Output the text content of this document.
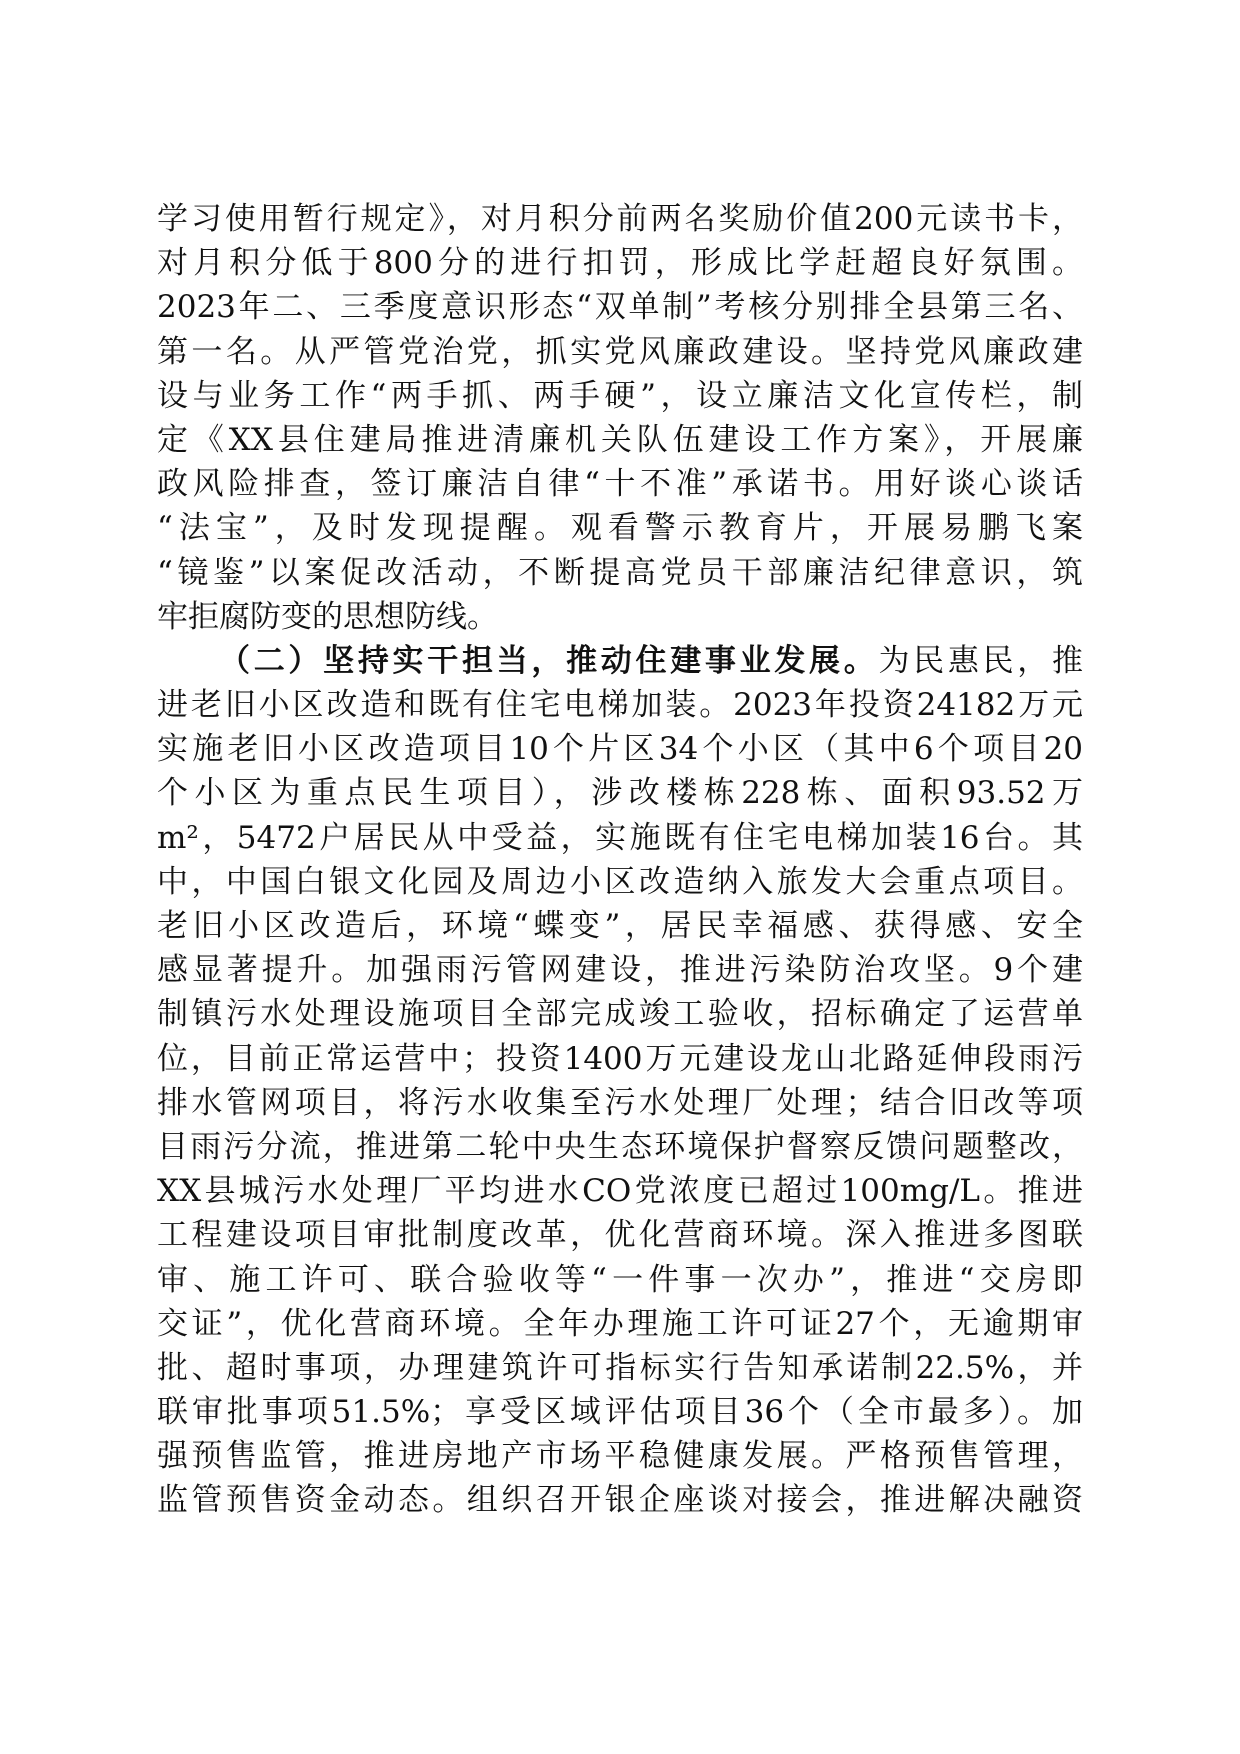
学习使用暂行规定》，对月积分前两名奖励价值200元读书卡，
对月积分低于800分的进行扣罚，形成比学赶超良好氛围。
2023年二、三季度意识形态“双单制”考核分别排全县第三名、
第一名。从严管党治党，抓实党风廉政建设。坚持党风廉政建
设与业务工作“两手抓、两手硬”，设立廉洁文化宣传栏，制
定《XX县住建局推进清廉机关队伍建设工作方案》，开展廉
政风险排查，签订廉洁自律“十不准”承诺书。用好谈心谈话
“法宝”，及时发现提醒。观看警示教育片，开展易鹏飞案
“镜鉴”以案促改活动，不断提高党员干部廉洁纪律意识，筑
牢拒腐防变的思想防线。
（二）坚持实干担当，推动住建事业发展。为民惠民，推
进老旧小区改造和既有住宅电梯加装。2023年投资24182万元
实施老旧小区改造项目10个片区34个小区（其中6个项目20
个小区为重点民生项目），涉改楼栋228栋、面积93.52万
m²，5472户居民从中受益，实施既有住宅电梯加装16台。其
中，中国白银文化园及周边小区改造纳入旅发大会重点项目。
老旧小区改造后，环境“蝶变”，居民幸福感、获得感、安全
感显著提升。加强雨污管网建设，推进污染防治攻坚。9个建
制镇污水处理设施项目全部完成竣工验收，招标确定了运营单
位，目前正常运营中；投资1400万元建设龙山北路延伸段雨污
排水管网项目，将污水收集至污水处理厂处理；结合旧改等项
目雨污分流，推进第二轮中央生态环境保护督察反馈问题整改，
XX县城污水处理厂平均进水CO党浓度已超过100mg/L。推进
工程建设项目审批制度改革，优化营商环境。深入推进多图联
审、施工许可、联合验收等“一件事一次办”，推进“交房即
交证”，优化营商环境。全年办理施工许可证27个，无逾期审
批、超时事项，办理建筑许可指标实行告知承诺制22.5%，并
联审批事项51.5%；享受区域评估项目36个（全市最多）。加
强预售监管，推进房地产市场平稳健康发展。严格预售管理，
监管预售资金动态。组织召开银企座谈对接会，推进解决融资
